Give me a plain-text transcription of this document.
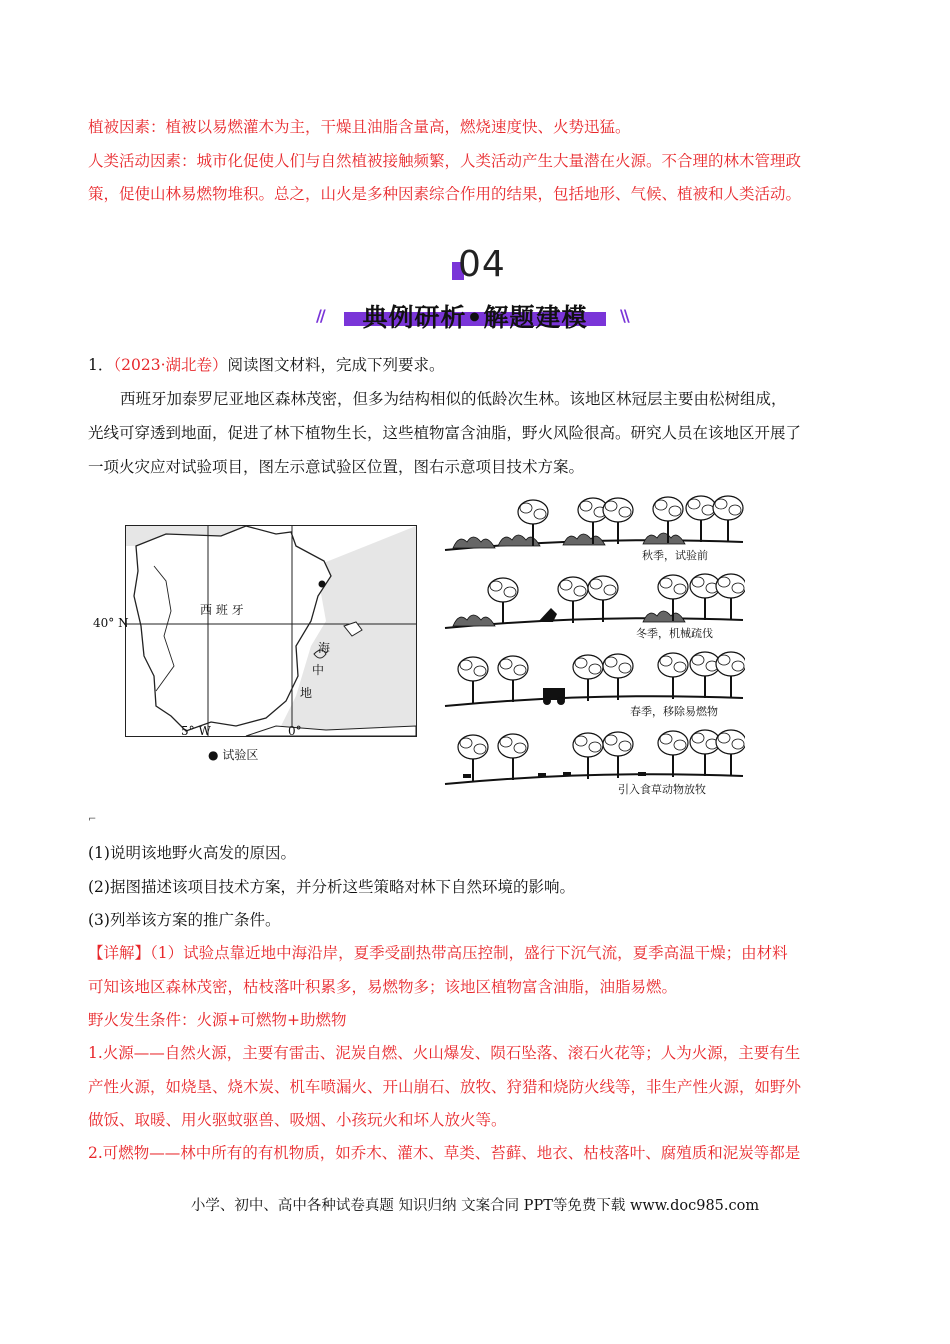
植被因素：植被以易燃灌木为主，干燥且油脂含量高，燃烧速度快、火势迅猛。
人类活动因素：城市化促使人们与自然植被接触频繁，人类活动产生大量潜在火源。不合理的林木管理政
策，促使山林易燃物堆积。总之，山火是多种因素综合作用的结果，包括地形、气候、植被和人类活动。
04
//	典例研析•解题建模	\\
1．（2023·湖北卷）阅读图文材料，完成下列要求。
西班牙加泰罗尼亚地区森林茂密，但多为结构相似的低龄次生林。该地区林冠层主要由松树组成，
光线可穿透到地面，促进了林下植物生长，这些植物富含油脂，野火风险很高。研究人员在该地区开展了
一项火灾应对试验项目，图左示意试验区位置，图右示意项目技术方案。
西 班 牙
40° N
海
中
地
5° W	0°
● 试验区
秋季，试验前
冬季，机械疏伐
春季，移除易燃物
引入食草动物放牧
⌐
(1)说明该地野火高发的原因。
(2)据图描述该项目技术方案，并分析这些策略对林下自然环境的影响。
(3)列举该方案的推广条件。
【详解】（1）试验点靠近地中海沿岸，夏季受副热带高压控制，盛行下沉气流，夏季高温干燥；由材料
可知该地区森林茂密，枯枝落叶积累多，易燃物多；该地区植物富含油脂，油脂易燃。
野火发生条件：火源+可燃物+助燃物
1.火源——自然火源，主要有雷击、泥炭自燃、火山爆发、陨石坠落、滚石火花等；人为火源，主要有生
产性火源，如烧垦、烧木炭、机车喷漏火、开山崩石、放牧、狩猎和烧防火线等，非生产性火源，如野外
做饭、取暖、用火驱蚊驱兽、吸烟、小孩玩火和坏人放火等。
2.可燃物——林中所有的有机物质，如乔木、灌木、草类、苔藓、地衣、枯枝落叶、腐殖质和泥炭等都是
小学、初中、高中各种试卷真题 知识归纳 文案合同 PPT等免费下载 www.doc985.com
